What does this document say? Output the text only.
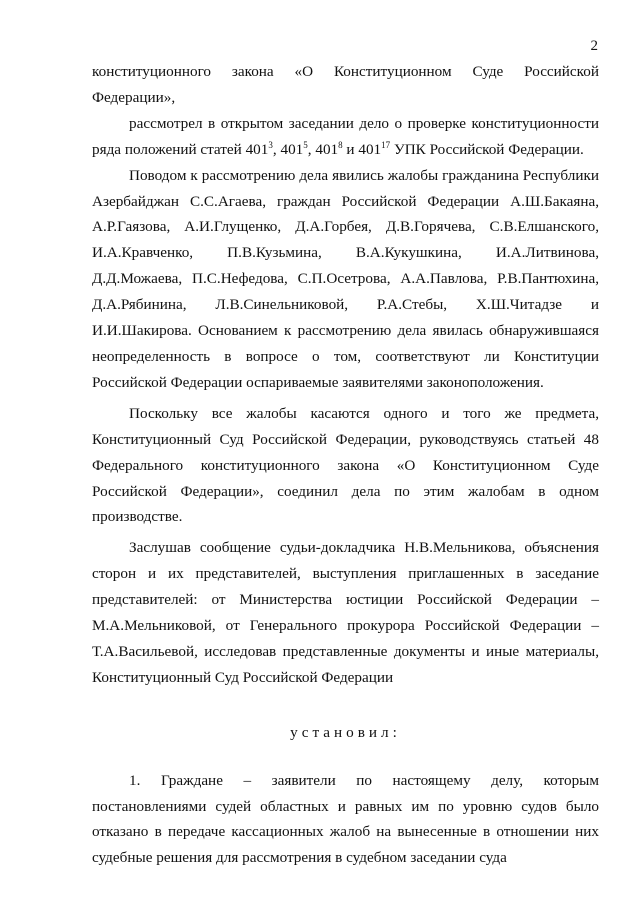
2

конституционного закона «О Конституционном Суде Российской Федерации»,

рассмотрел в открытом заседании дело о проверке конституционности ряда положений статей $401^3$, $401^5$, $401^8$ и $401^{17}$ УПК Российской Федерации.

Поводом к рассмотрению дела явились жалобы гражданина Республики Азербайджан С.С.Агаева, граждан Российской Федерации А.Ш.Бакаяна, А.Р.Гаязова, А.И.Глущенко, Д.А.Горбея, Д.В.Горячева, С.В.Елшанского, И.А.Кравченко, П.В.Кузьмина, В.А.Кукушкина, И.А.Литвинова, Д.Д.Можаева, П.С.Нефедова, С.П.Осетрова, А.А.Павлова, Р.В.Пантюхина, Д.А.Рябинина, Л.В.Синельниковой, Р.А.Стебы, Х.Ш.Читадзе и И.И.Шакирова. Основанием к рассмотрению дела явилась обнаружившаяся неопределенность в вопросе о том, соответствуют ли Конституции Российской Федерации оспариваемые заявителями законоположения.

Поскольку все жалобы касаются одного и того же предмета, Конституционный Суд Российской Федерации, руководствуясь статьей 48 Федерального конституционного закона «О Конституционном Суде Российской Федерации», соединил дела по этим жалобам в одном производстве.

Заслушав сообщение судьи-докладчика Н.В.Мельникова, объяснения сторон и их представителей, выступления приглашенных в заседание представителей: от Министерства юстиции Российской Федерации – М.А.Мельниковой, от Генерального прокурора Российской Федерации – Т.А.Васильевой, исследовав представленные документы и иные материалы, Конституционный Суд Российской Федерации

установил:

1. Граждане – заявители по настоящему делу, которым постановлениями судей областных и равных им по уровню судов было отказано в передаче кассационных жалоб на вынесенные в отношении них судебные решения для рассмотрения в судебном заседании суда
